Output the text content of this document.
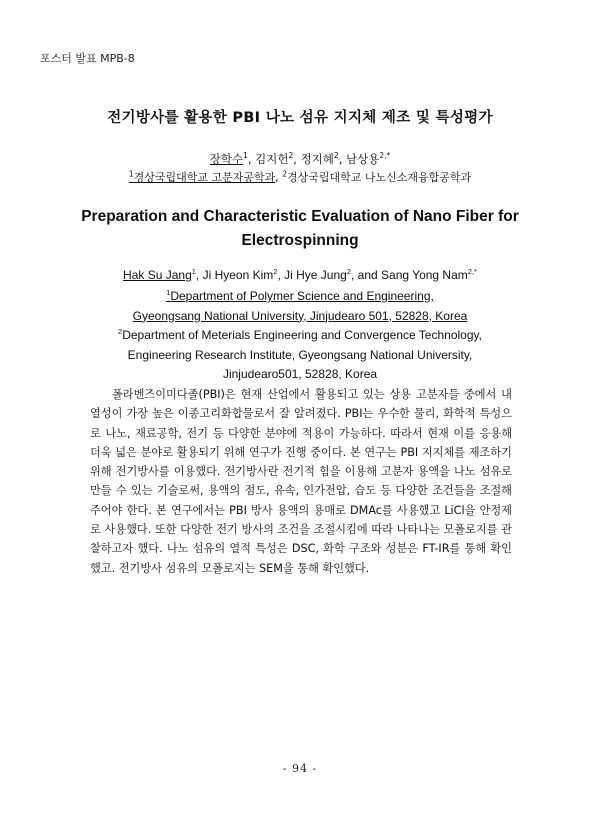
포스터 발표 MPB-8
전기방사를 활용한 PBI 나노 섬유 지지체 제조 및 특성평가
장학수$^1$, 김지헌$^2$, 정지혜$^2$, 남상용$^{2,*}$
$^1$경상국립대학교 고분자공학과, $^2$경상국립대학교 나노신소재융합공학과
Preparation and Characteristic Evaluation of Nano Fiber for Electrospinning
Hak Su Jang$^1$, Ji Hyeon Kim$^2$, Ji Hye Jung$^2$, and Sang Yong Nam$^{2,*}$
$^1$Department of Polymer Science and Engineering,
Gyeongsang National University, Jinjudearo 501, 52828, Korea
$^2$Department of Meterials Engineering and Convergence Technology,
Engineering Research Institute, Gyeongsang National University,
Jinjudearo501, 52828, Korea

폴라벤즈이미다졸(PBI)은 현재 산업에서 활용되고 있는 상용 고분자들 중에서 내열성이 가장 높은 이종고리화합물로서 잘 알려졌다. PBI는 우수한 물리, 화학적 특성으로 나노, 재료공학, 전기 등 다양한 분야에 적용이 가능하다. 따라서 현재 이를 응용해 더욱 넓은 분야로 활용되기 위해 연구가 진행 중이다. 본 연구는 PBI 지지체를 제조하기 위해 전기방사를 이용했다. 전기방사란 전기적 힘을 이용해 고분자 용액을 나노 섬유로 만들 수 있는 기술로써, 용액의 점도, 유속, 인가전압, 습도 등 다양한 조건들을 조절해 주어야 한다. 본 연구에서는 PBI 방사 용액의 용매로 DMAc를 사용했고 LiCl을 안정제로 사용했다. 또한 다양한 전기 방사의 조건을 조절시킴에 따라 나타나는 모폴로지를 관찰하고자 했다. 나노 섬유의 열적 특성은 DSC, 화학 구조와 성분은 FT-IR를 통해 확인했고. 전기방사 섬유의 모폴로지는 SEM을 통해 확인했다.

- 94 -
